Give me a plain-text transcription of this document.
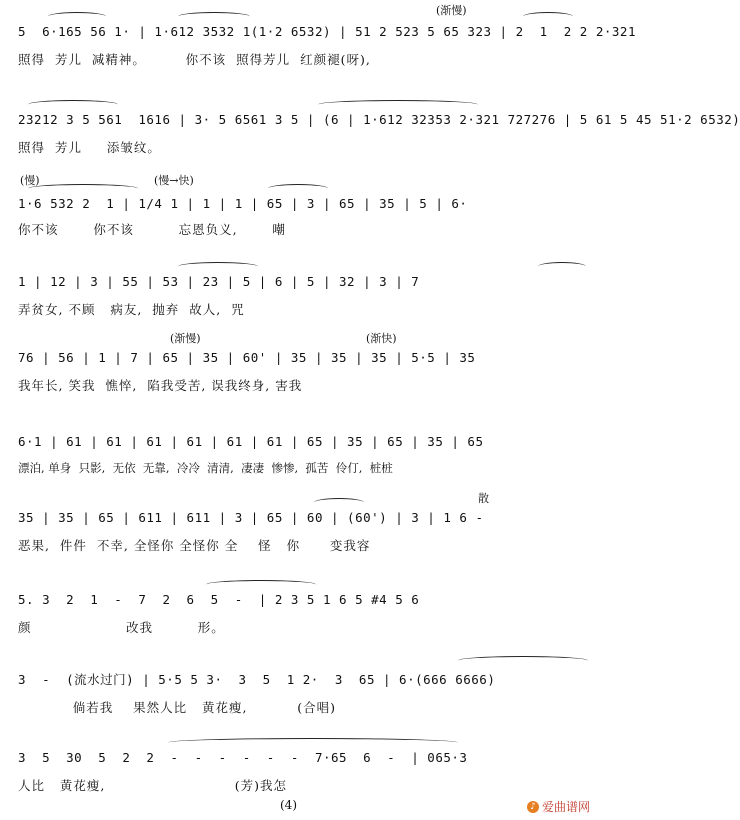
(渐慢)
5  6·165 56 1· | 1·612 3532 1(1·2 6532) | 51 2 523 5 65 323 | 2  1  2 2 2·321
照得  芳儿  减精神。        你不该  照得芳儿  红颜褪(呀),
23212 3 5 561  1616 | 3· 5 6561 3 5 | (6 | 1·612 32353 2·321 727276 | 5 61 5 45 51·2 6532)
照得  芳儿     添皱纹。
(慢)	(慢→快)
1·6 532 2  1 | 1/4 1 | 1 | 1 | 65 | 3 | 65 | 35 | 5 | 6·
你不该       你不该         忘恩负义,       嘲
1 | 12 | 3 | 55 | 53 | 23 | 5 | 6 | 5 | 32 | 3 | 7
弄贫女, 不顾   病友,  抛弃  故人,  咒
(渐慢)	(渐快)
76 | 56 | 1 | 7 | 65 | 35 | 60' | 35 | 35 | 35 | 5·5 | 35
我年长, 笑我  憔悴,  陷我受苦, 误我终身, 害我
6·1 | 61 | 61 | 61 | 61 | 61 | 61 | 65 | 35 | 65 | 35 | 65
漂泊, 单身  只影,  无依  无靠,  冷冷  清清,  凄凄  惨惨,  孤苦  伶仃,  桩桩
散
35 | 35 | 65 | 611 | 611 | 3 | 65 | 60 | (60') | 3 | 1 6 -
恶果,  件件  不幸, 全怪你 全怪你 全    怪   你      变我容
5. 3  2  1  -  7  2  6  5  -  | 2 3 5 1 6 5 #4 5 6
颜                   改我         形。
3  -  (流水过门) | 5·5 5 3·  3  5  1 2·  3  65 | 6·(666 6666)
倘若我    果然人比   黄花瘦,          (合唱)
3  5  30  5  2  2  -  -  -  -  -  -  7·65  6  -  | 065·3
人比   黄花瘦,                          (芳)我怎
(4)	♪ 爱曲谱网
